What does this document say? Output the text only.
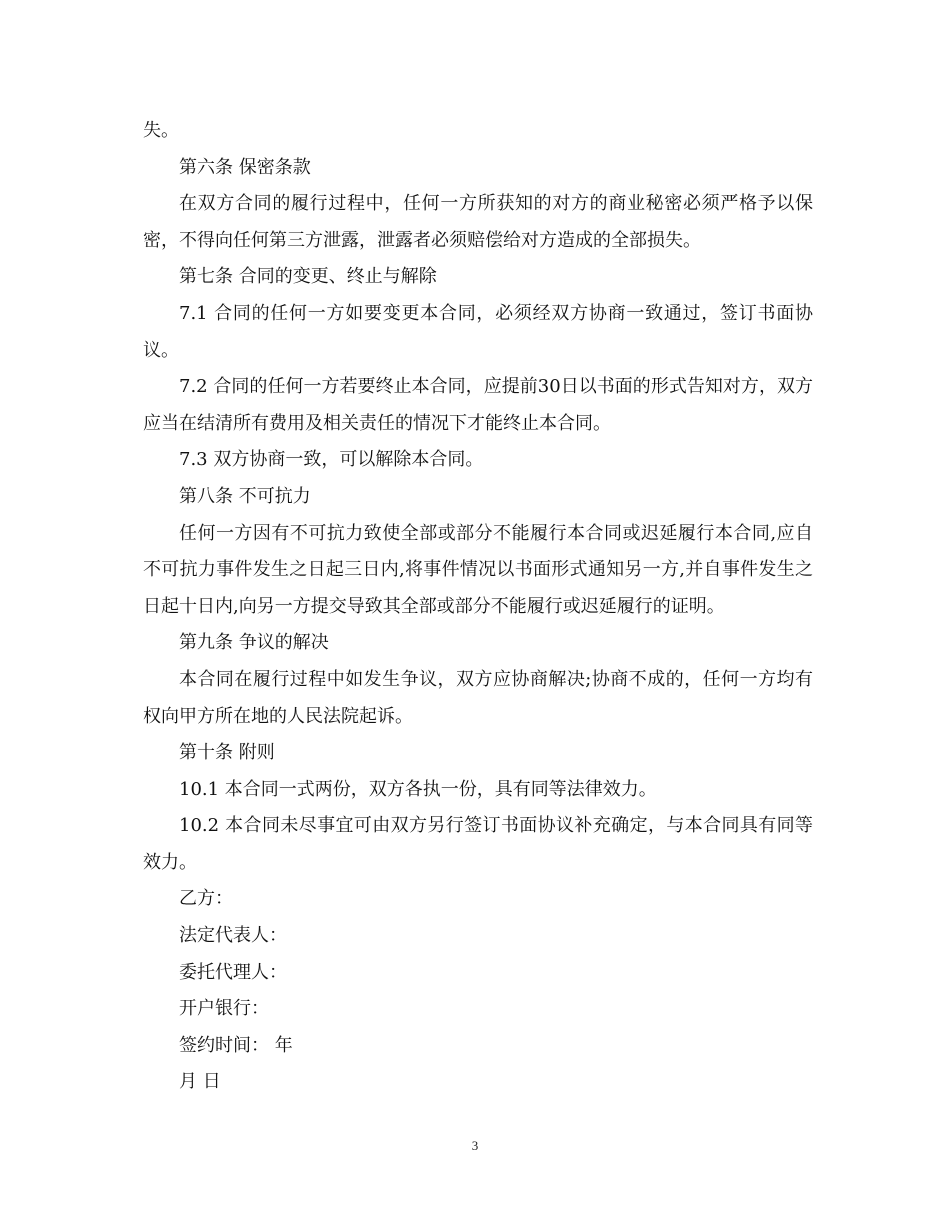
失。

第六条 保密条款

在双方合同的履行过程中，任何一方所获知的对方的商业秘密必须严格予以保密，不得向任何第三方泄露，泄露者必须赔偿给对方造成的全部损失。

第七条 合同的变更、终止与解除

7.1 合同的任何一方如要变更本合同，必须经双方协商一致通过，签订书面协议。

7.2 合同的任何一方若要终止本合同，应提前30日以书面的形式告知对方，双方应当在结清所有费用及相关责任的情况下才能终止本合同。

7.3 双方协商一致，可以解除本合同。

第八条 不可抗力

任何一方因有不可抗力致使全部或部分不能履行本合同或迟延履行本合同,应自不可抗力事件发生之日起三日内,将事件情况以书面形式通知另一方,并自事件发生之日起十日内,向另一方提交导致其全部或部分不能履行或迟延履行的证明。

第九条 争议的解决

本合同在履行过程中如发生争议，双方应协商解决;协商不成的，任何一方均有权向甲方所在地的人民法院起诉。

第十条 附则

10.1 本合同一式两份，双方各执一份，具有同等法律效力。

10.2 本合同未尽事宜可由双方另行签订书面协议补充确定，与本合同具有同等效力。

乙方：

法定代表人：

委托代理人：

开户银行：

签约时间： 年

月 日

3
